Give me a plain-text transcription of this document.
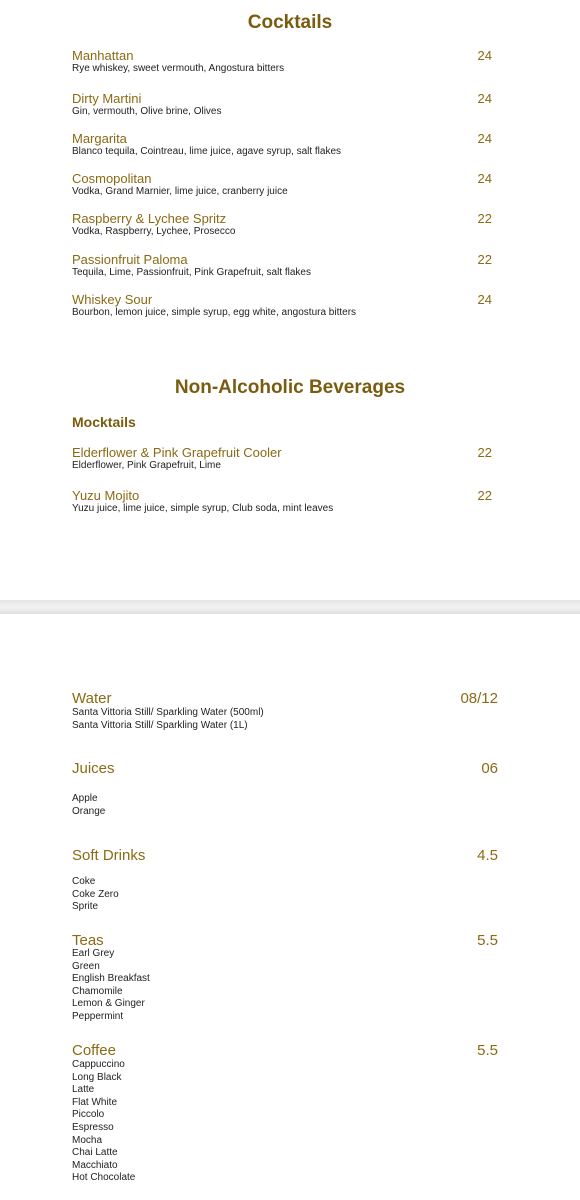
Cocktails
Manhattan
Rye whiskey, sweet vermouth, Angostura bitters
24
Dirty Martini
Gin, vermouth, Olive brine, Olives
24
Margarita
Blanco tequila, Cointreau, lime juice, agave syrup, salt flakes
24
Cosmopolitan
Vodka, Grand Marnier, lime juice, cranberry juice
24
Raspberry & Lychee Spritz
Vodka, Raspberry, Lychee, Prosecco
22
Passionfruit Paloma
Tequila, Lime, Passionfruit, Pink Grapefruit, salt flakes
22
Whiskey Sour
Bourbon, lemon juice, simple syrup, egg white, angostura bitters
24
Non-Alcoholic Beverages
Mocktails
Elderflower & Pink Grapefruit Cooler
Elderflower, Pink Grapefruit, Lime
22
Yuzu Mojito
Yuzu juice, lime juice, simple syrup, Club soda, mint leaves
22
Water	08/12
Santa Vittoria Still/ Sparkling Water (500ml)
Santa Vittoria Still/ Sparkling Water (1L)
Juices	06
Apple
Orange
Soft Drinks	4.5
Coke
Coke Zero
Sprite
Teas	5.5
Earl Grey
Green
English Breakfast
Chamomile
Lemon & Ginger
Peppermint
Coffee	5.5
Cappuccino
Long Black
Latte
Flat White
Piccolo
Espresso
Mocha
Chai Latte
Macchiato
Hot Chocolate
